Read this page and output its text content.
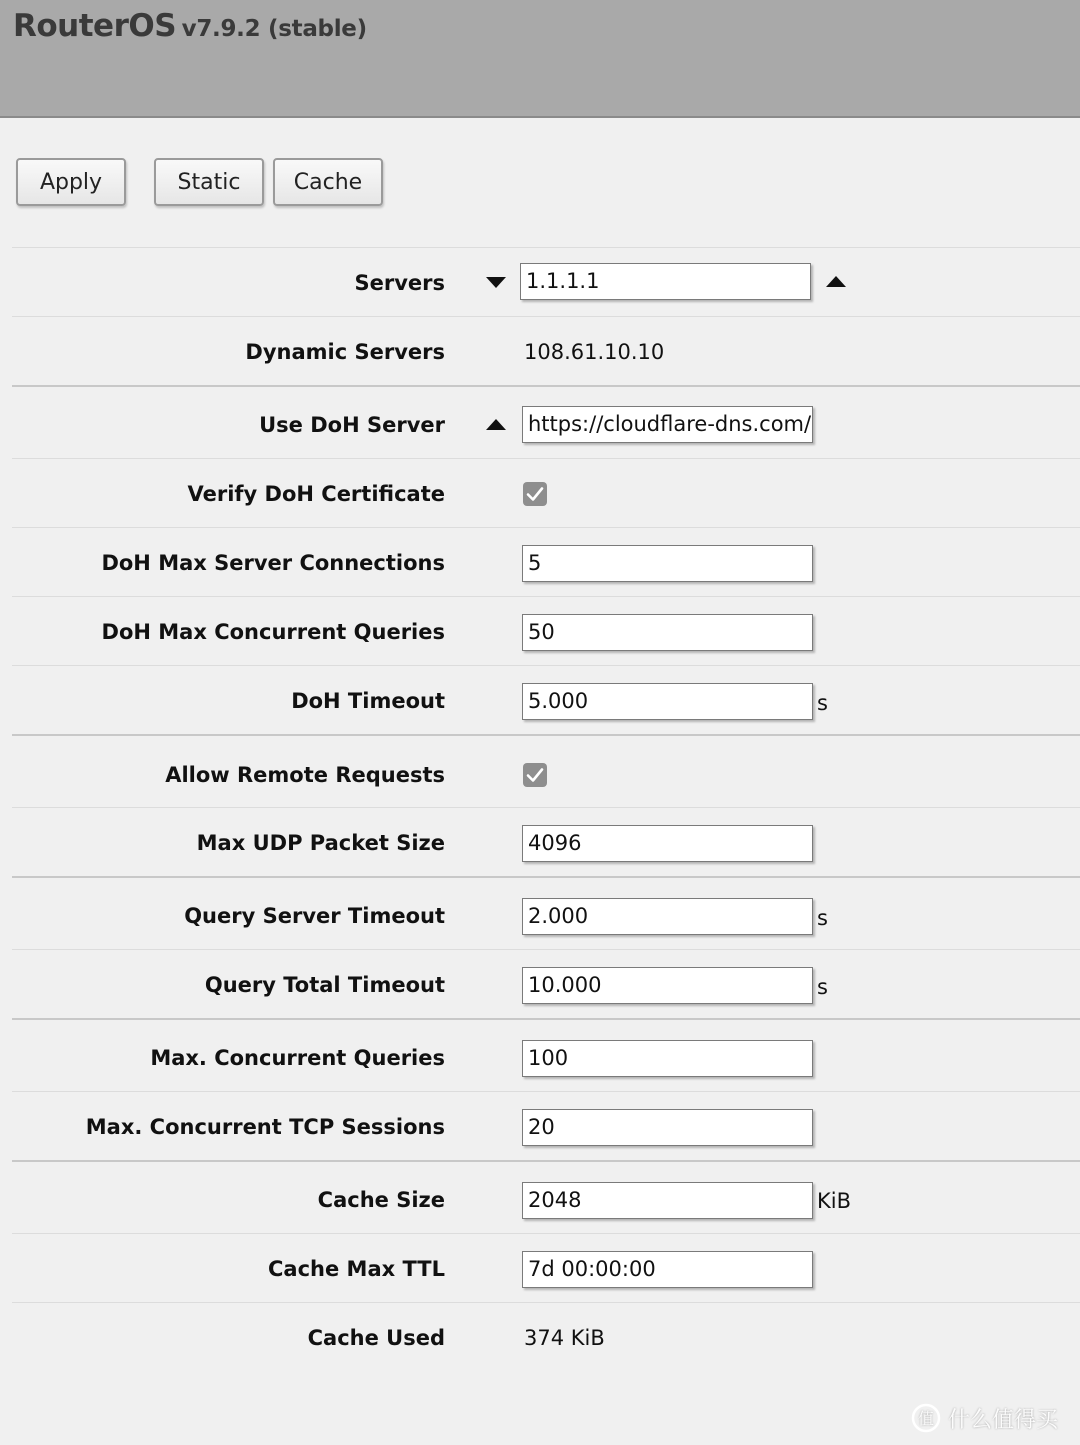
RouterOS v7.9.2 (stable)
Apply	Static	Cache
Servers	1.1.1.1
Dynamic Servers	108.61.10.10
Use DoH Server	https://cloudflare-dns.com/
Verify DoH Certificate
DoH Max Server Connections	5
DoH Max Concurrent Queries	50
DoH Timeout	5.000	s
Allow Remote Requests
Max UDP Packet Size	4096
Query Server Timeout	2.000	s
Query Total Timeout	10.000	s
Max. Concurrent Queries	100
Max. Concurrent TCP Sessions	20
Cache Size	2048	KiB
Cache Max TTL	7d 00:00:00
Cache Used	374 KiB
值 什么值得买
